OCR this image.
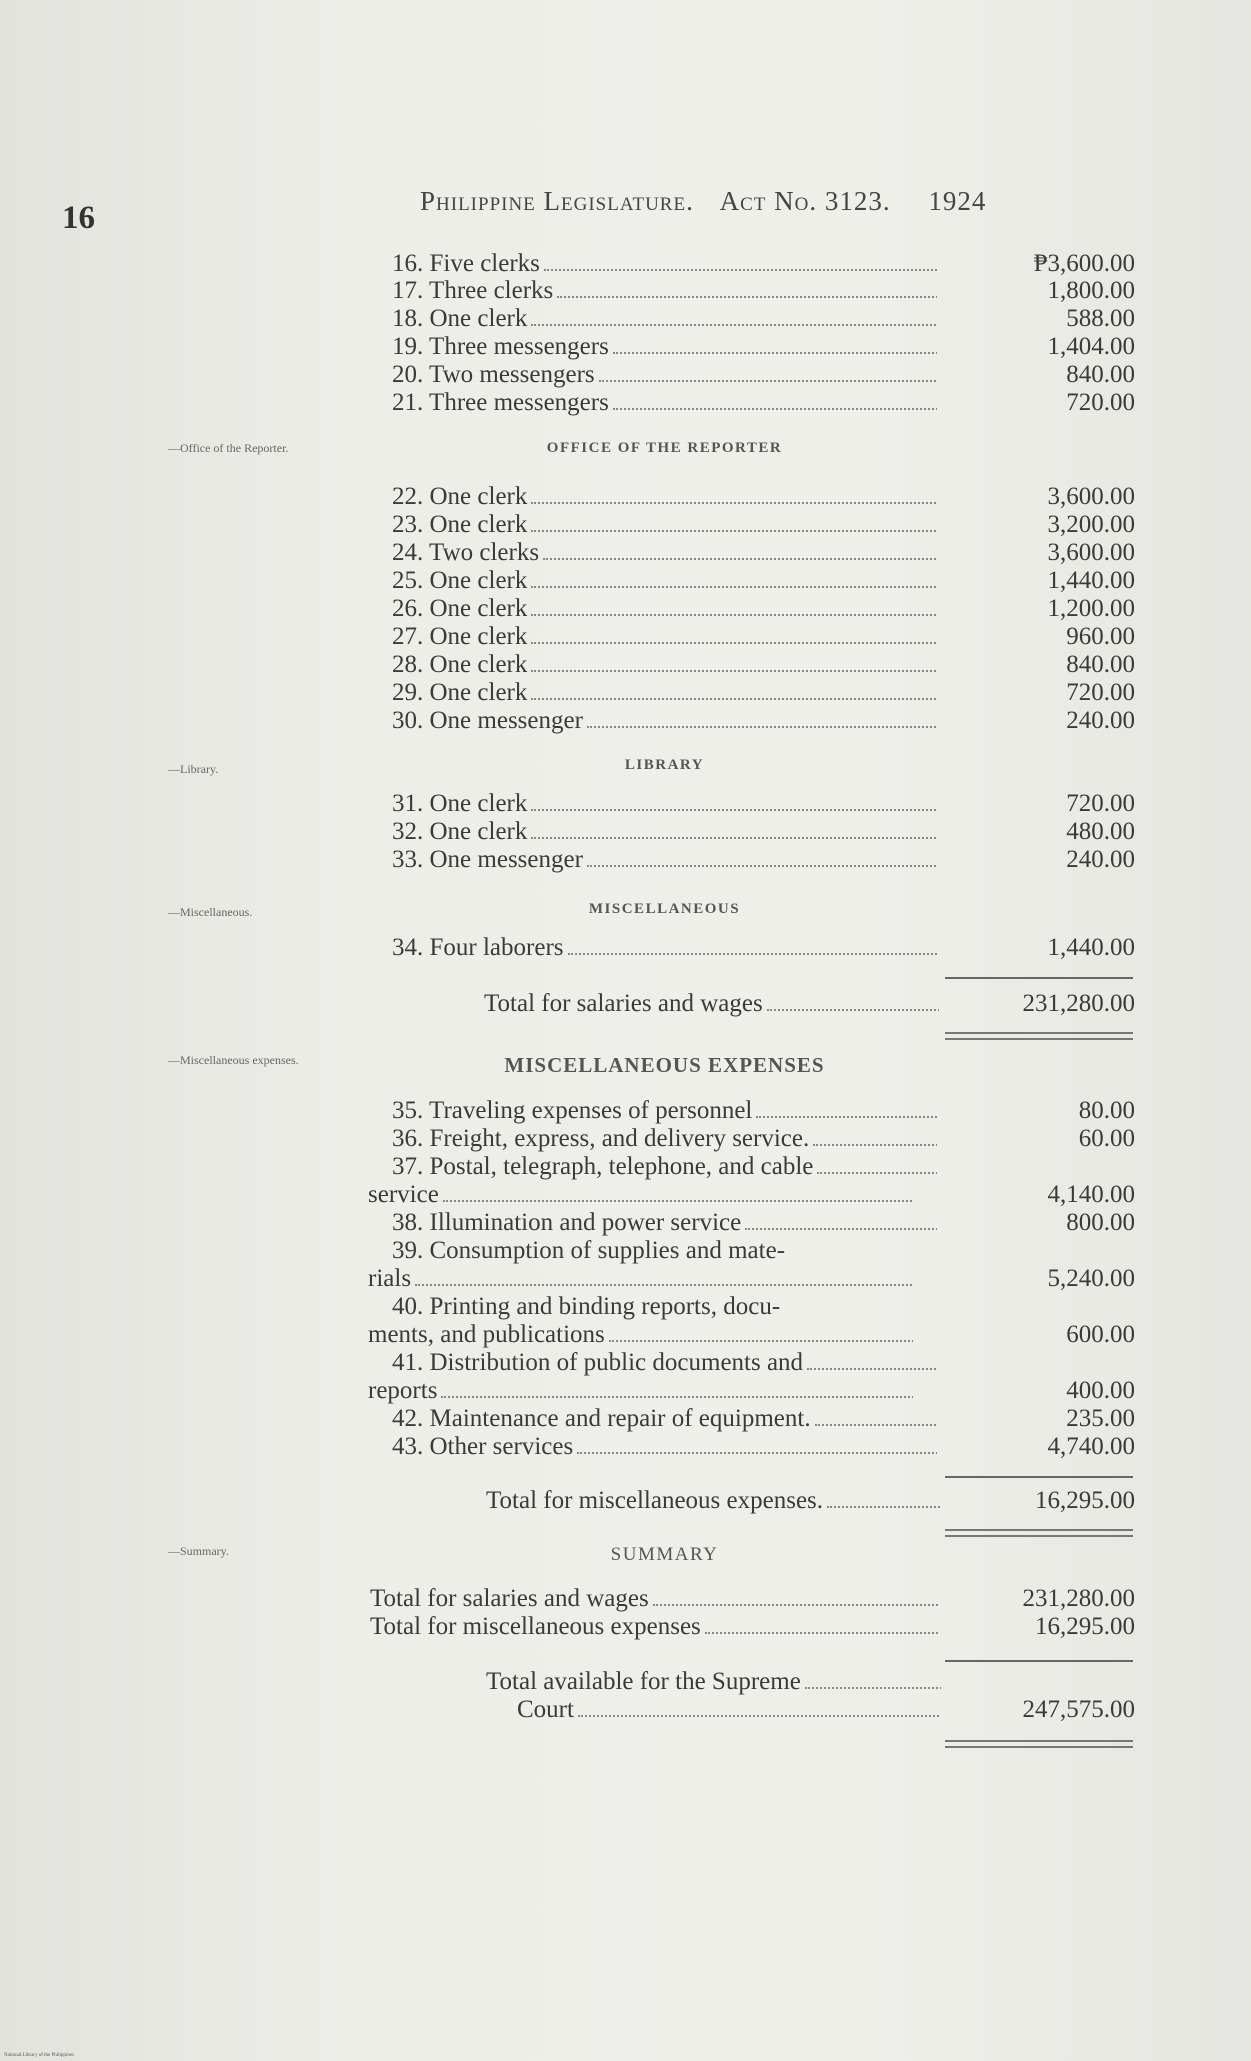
16	Philippine Legislature. Act No. 3123. 1924
16. Five clerks	₱3,600.00
17. Three clerks	1,800.00
18. One clerk	588.00
19. Three messengers	1,404.00
20. Two messengers	840.00
21. Three messengers	720.00
—Office of the Reporter.	OFFICE OF THE REPORTER
22. One clerk	3,600.00
23. One clerk	3,200.00
24. Two clerks	3,600.00
25. One clerk	1,440.00
26. One clerk	1,200.00
27. One clerk	960.00
28. One clerk	840.00
29. One clerk	720.00
30. One messenger	240.00
—Library.	LIBRARY
31. One clerk	720.00
32. One clerk	480.00
33. One messenger	240.00
—Miscellaneous.	MISCELLANEOUS
34. Four laborers	1,440.00
Total for salaries and wages	231,280.00
—Miscellaneous expenses.	MISCELLANEOUS EXPENSES
35. Traveling expenses of personnel	80.00
36. Freight, express, and delivery service.	60.00
37. Postal, telegraph, telephone, and cable
service	4,140.00
38. Illumination and power service	800.00
39. Consumption of supplies and mate-
rials	5,240.00
40. Printing and binding reports, docu-
ments, and publications	600.00
41. Distribution of public documents and
reports	400.00
42. Maintenance and repair of equipment.	235.00
43. Other services	4,740.00
Total for miscellaneous expenses.	16,295.00
—Summary.	SUMMARY
Total for salaries and wages	231,280.00
Total for miscellaneous expenses	16,295.00
Total available for the Supreme
Court	247,575.00
National Library of the Philippines
